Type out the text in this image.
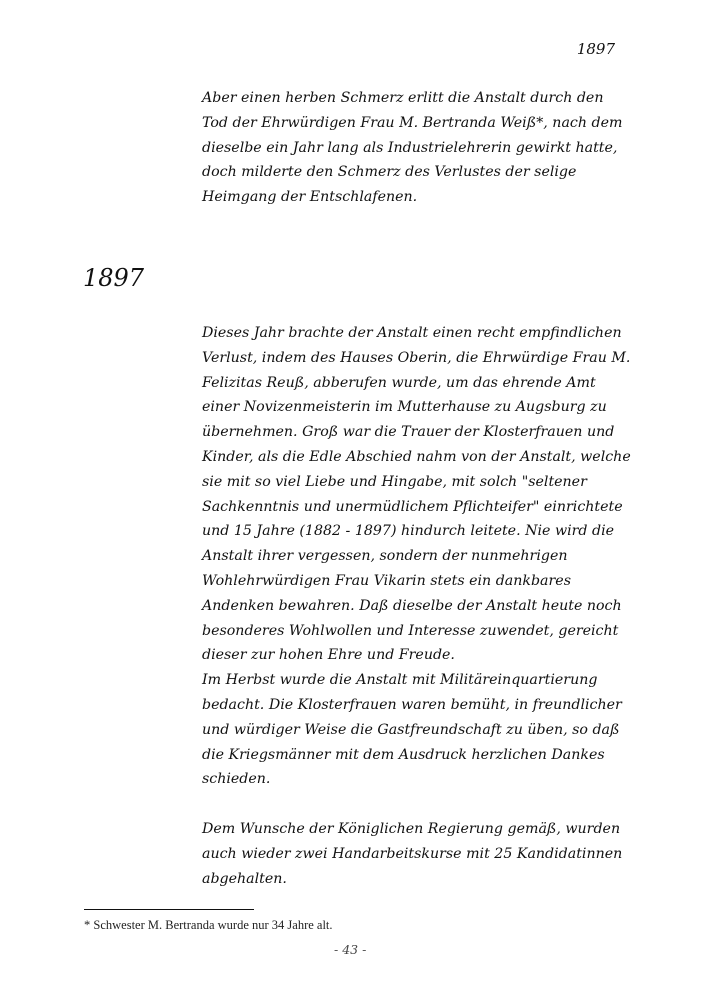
1897

Aber einen herben Schmerz erlitt die Anstalt durch den Tod der Ehrwürdigen Frau M. Bertranda Weiß*, nach dem dieselbe ein Jahr lang als Industrielehrerin gewirkt hatte, doch milderte den Schmerz des Verlustes der selige Heimgang der Entschlafenen.

1897

Dieses Jahr brachte der Anstalt einen recht empfindlichen Verlust, indem des Hauses Oberin, die Ehrwürdige Frau M. Felizitas Reuß, abberufen wurde, um das ehrende Amt einer Novizenmeisterin im Mutterhause zu Augsburg zu übernehmen. Groß war die Trauer der Klosterfrauen und Kinder, als die Edle Abschied nahm von der Anstalt, welche sie mit so viel Liebe und Hingabe, mit solch "seltener Sachkenntnis und unermüdlichem Pflichteifer" einrichtete und 15 Jahre (1882 - 1897) hindurch leitete. Nie wird die Anstalt ihrer vergessen, sondern der nunmehrigen Wohlehrwürdigen Frau Vikarin stets ein dankbares Andenken bewahren. Daß dieselbe der Anstalt heute noch besonderes Wohlwollen und Interesse zuwendet, gereicht dieser zur hohen Ehre und Freude.

Im Herbst wurde die Anstalt mit Militäreinquartierung bedacht. Die Klosterfrauen waren bemüht, in freundlicher und würdiger Weise die Gastfreundschaft zu üben, so daß die Kriegsmänner mit dem Ausdruck herzlichen Dankes schieden.

Dem Wunsche der Königlichen Regierung gemäß, wurden auch wieder zwei Handarbeitskurse mit 25 Kandidatinnen abgehalten.

* Schwester M. Bertranda wurde nur 34 Jahre alt.
- 43 -
